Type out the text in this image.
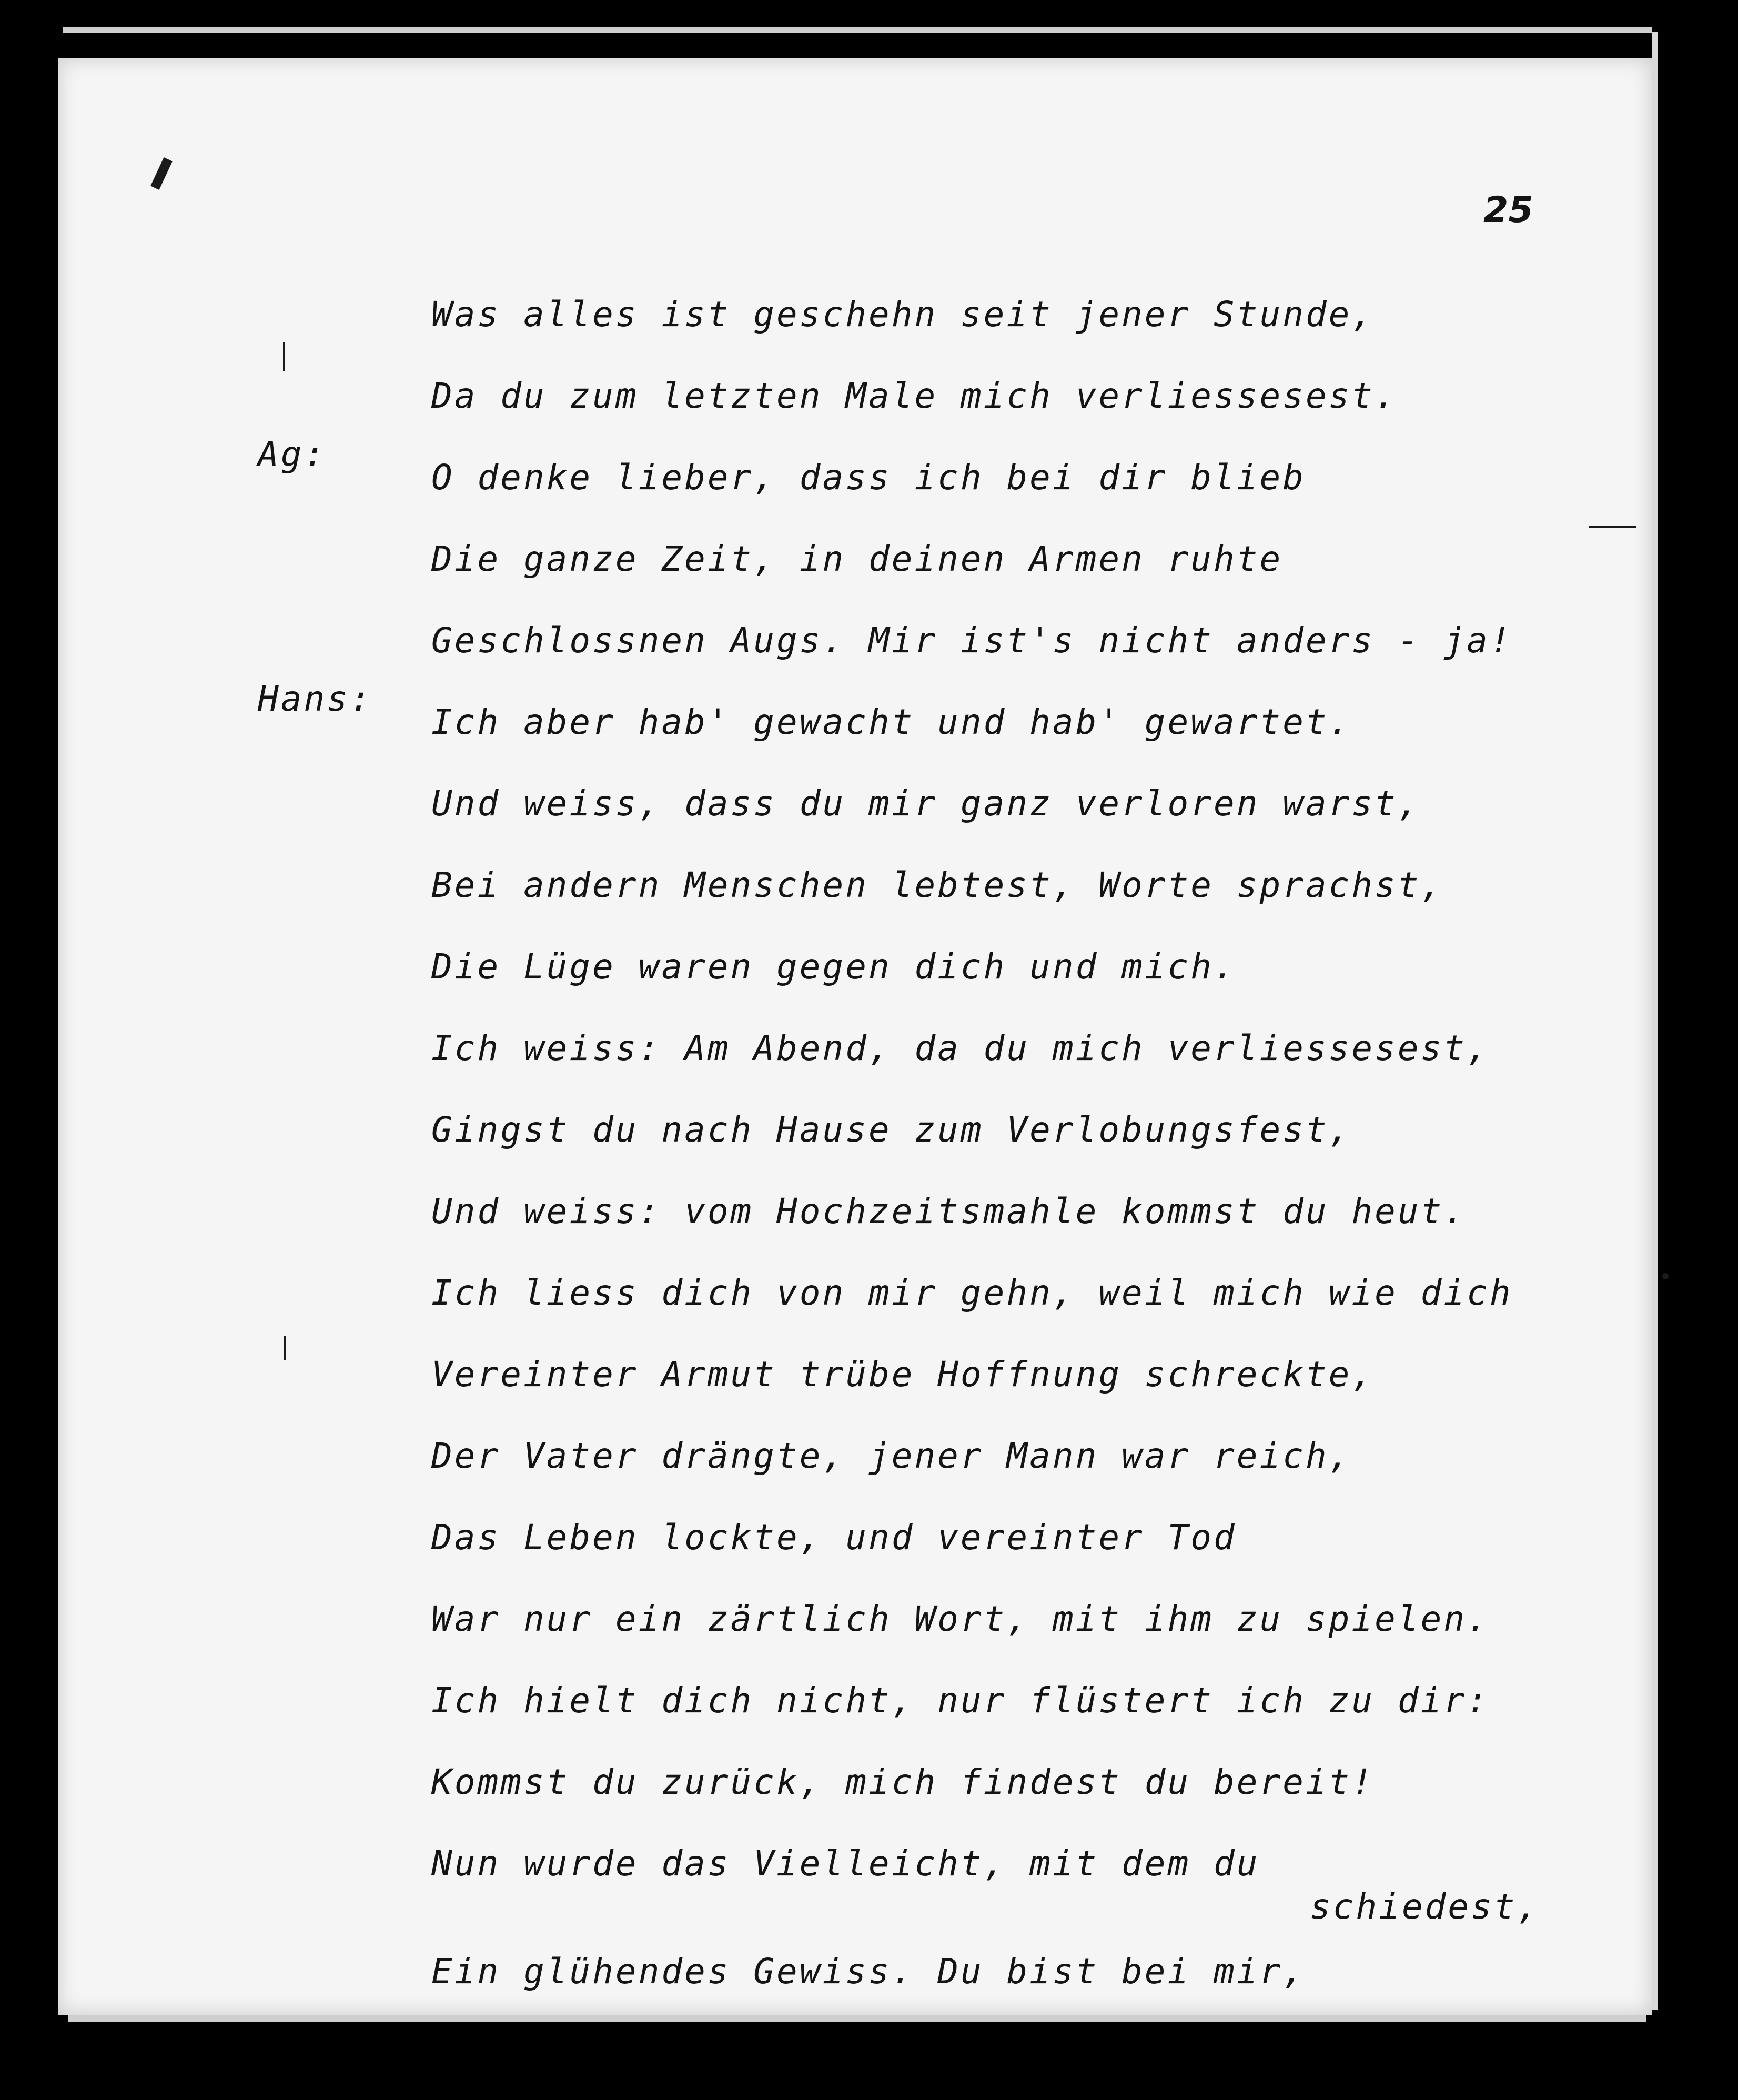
25
Ag:
Hans:
Was alles ist geschehn seit jener Stunde,
Da du zum letzten Male mich verliessesest.
O denke lieber, dass ich bei dir blieb
Die ganze Zeit, in deinen Armen ruhte
Geschlossnen Augs. Mir ist's nicht anders - ja!
Ich aber hab' gewacht und hab' gewartet.
Und weiss, dass du mir ganz verloren warst,
Bei andern Menschen lebtest, Worte sprachst,
Die Lüge waren gegen dich und mich.
Ich weiss: Am Abend, da du mich verliessesest,
Gingst du nach Hause zum Verlobungsfest,
Und weiss: vom Hochzeitsmahle kommst du heut.
Ich liess dich von mir gehn, weil mich wie dich
Vereinter Armut trübe Hoffnung schreckte,
Der Vater drängte, jener Mann war reich,
Das Leben lockte, und vereinter Tod
War nur ein zärtlich Wort, mit ihm zu spielen.
Ich hielt dich nicht, nur flüstert ich zu dir:
Kommst du zurück, mich findest du bereit!
Nun wurde das Vielleicht, mit dem du
schiedest,
Ein glühendes Gewiss. Du bist bei mir,
